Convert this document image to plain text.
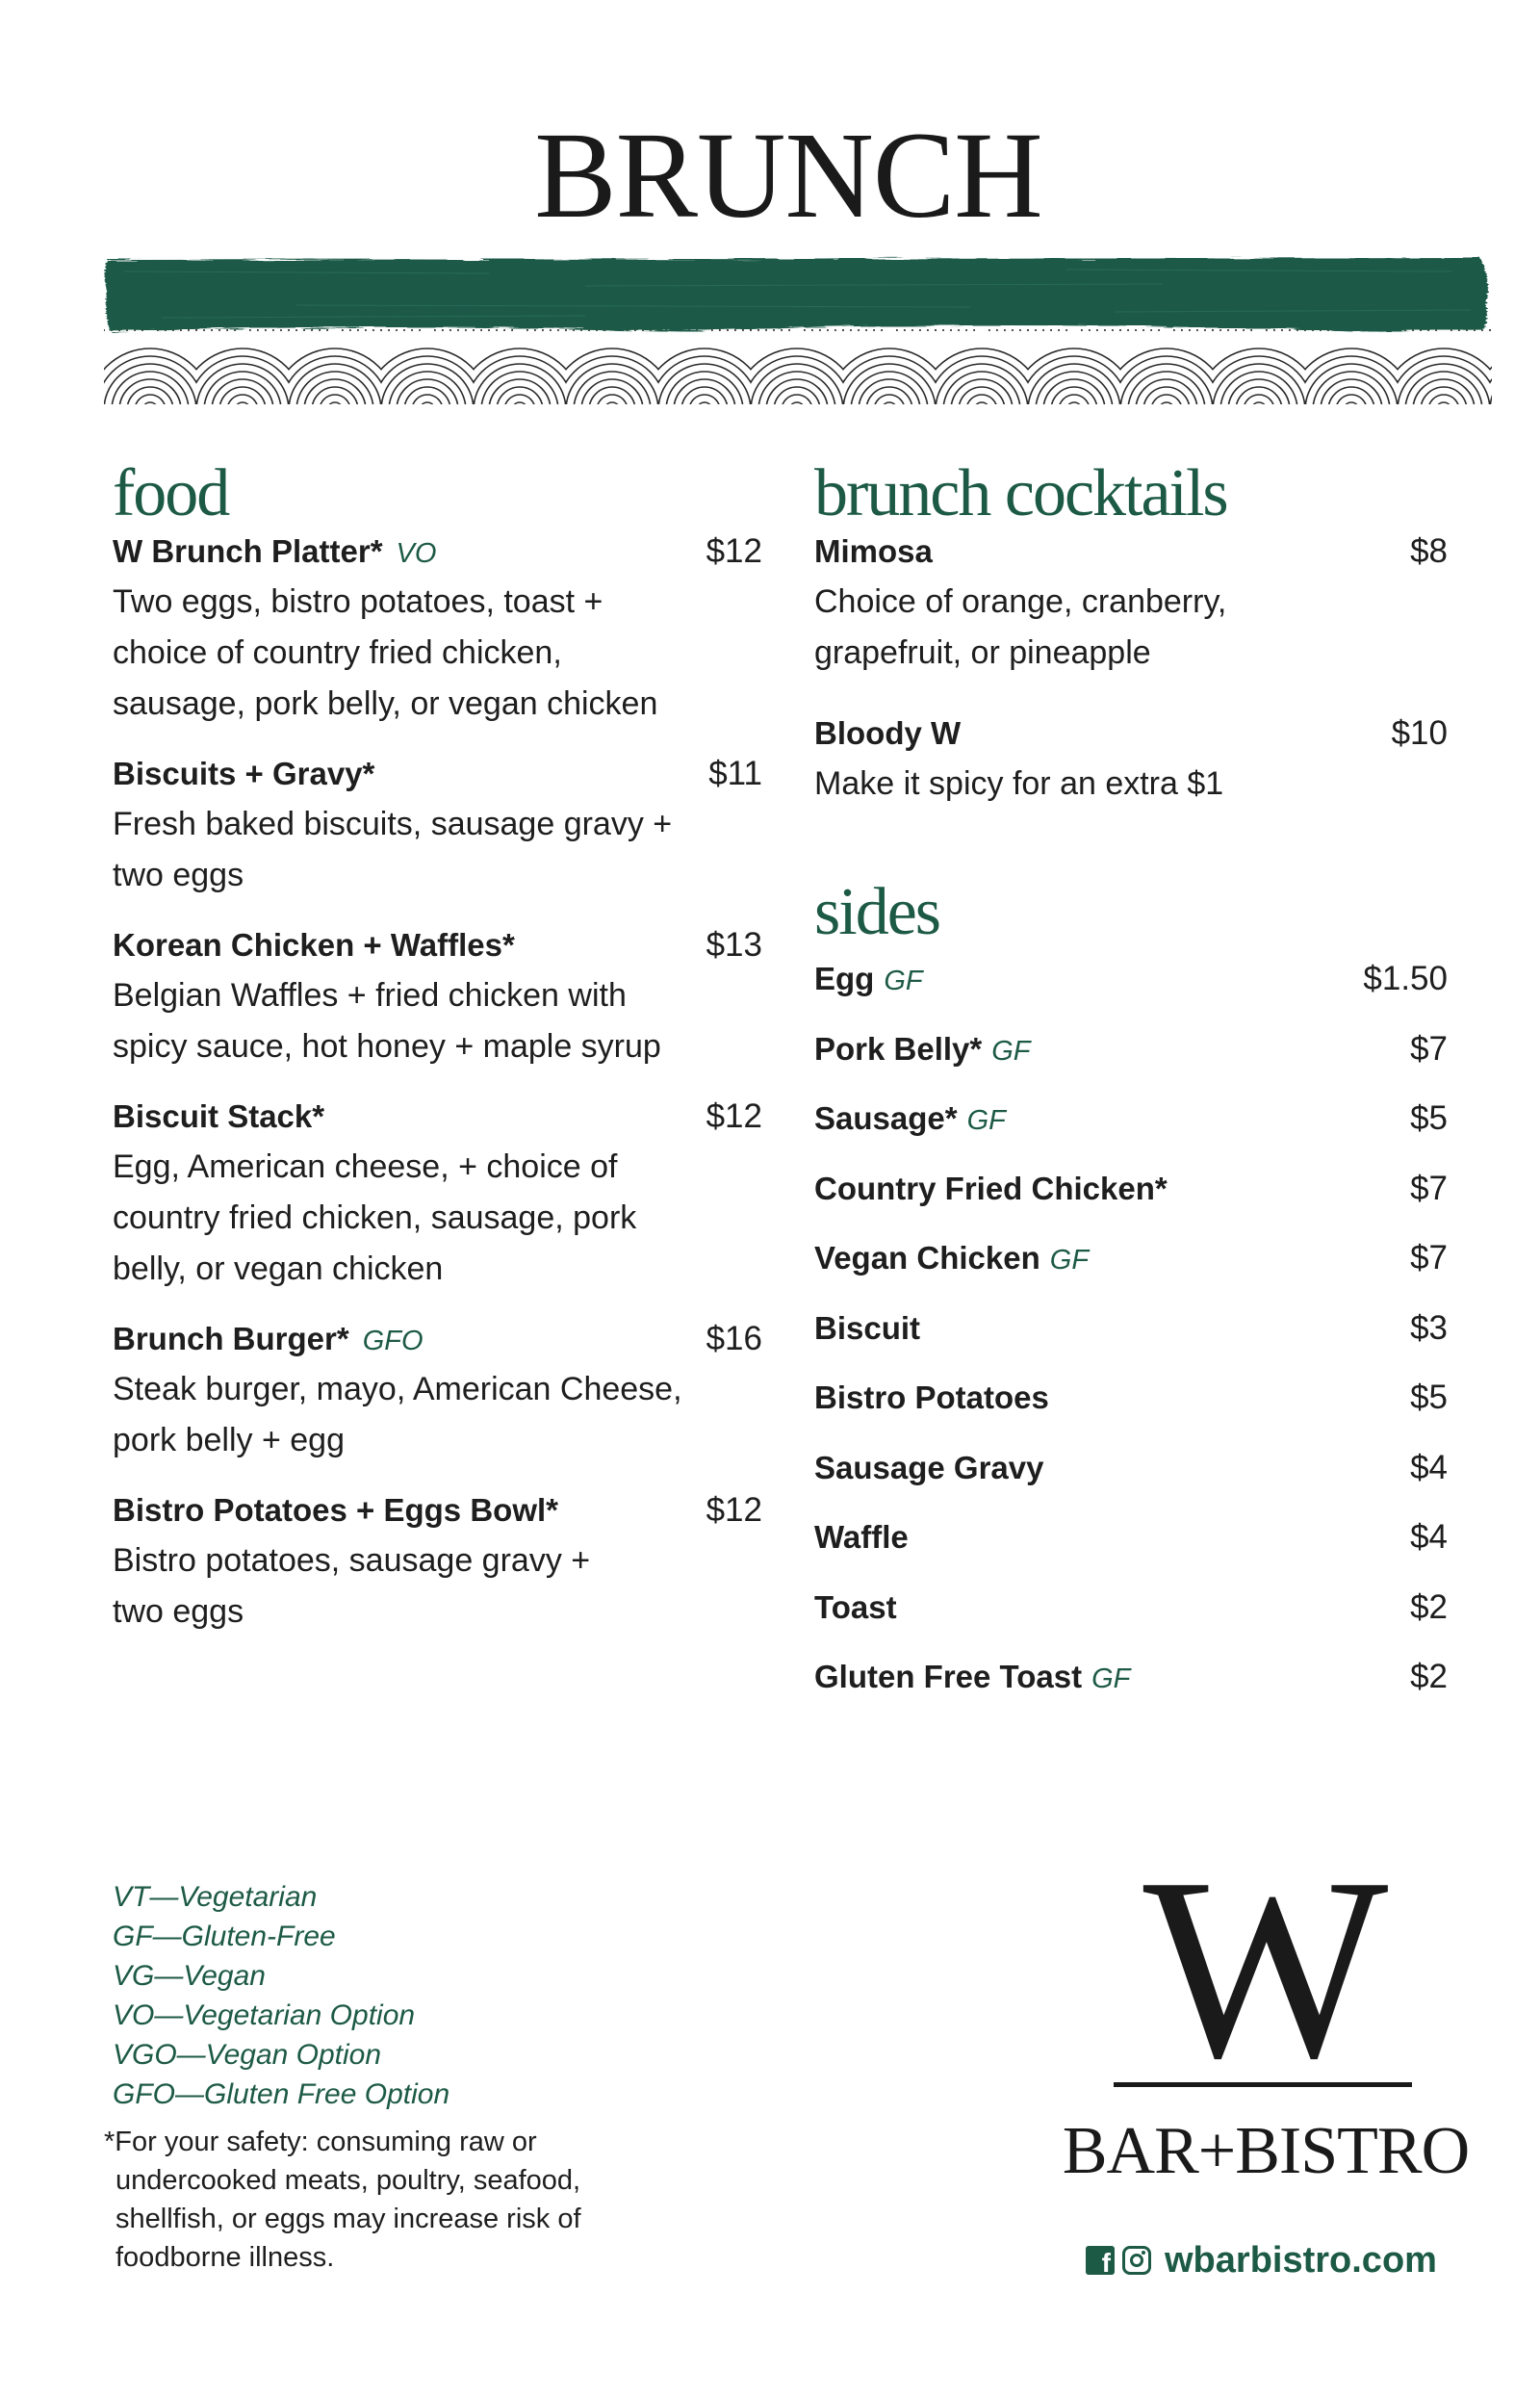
BRUNCH
food
W Brunch Platter* VO	$12
Two eggs, bistro potatoes, toast +
choice of country fried chicken,
sausage, pork belly, or vegan chicken
Biscuits + Gravy*	$11
Fresh baked biscuits, sausage gravy +
two eggs
Korean Chicken + Waffles*	$13
Belgian Waffles + fried chicken with
spicy sauce, hot honey + maple syrup
Biscuit Stack*	$12
Egg, American cheese, + choice of
country fried chicken, sausage, pork
belly, or vegan chicken
Brunch Burger* GFO	$16
Steak burger, mayo, American Cheese,
pork belly + egg
Bistro Potatoes + Eggs Bowl*	$12
Bistro potatoes, sausage gravy +
two eggs
brunch cocktails
Mimosa	$8
Choice of orange, cranberry,
grapefruit, or pineapple
Bloody W	$10
Make it spicy for an extra $1
sides
Egg GF	$1.50
Pork Belly* GF	$7
Sausage* GF	$5
Country Fried Chicken*	$7
Vegan Chicken GF	$7
Biscuit	$3
Bistro Potatoes	$5
Sausage Gravy	$4
Waffle	$4
Toast	$2
Gluten Free Toast GF	$2
VT—Vegetarian
GF—Gluten-Free
VG—Vegan
VO—Vegetarian Option
VGO—Vegan Option
GFO—Gluten Free Option
*For your safety: consuming raw or
undercooked meats, poultry, seafood,
shellfish, or eggs may increase risk of
foodborne illness.
W
BAR+BISTRO
f
wbarbistro.com
